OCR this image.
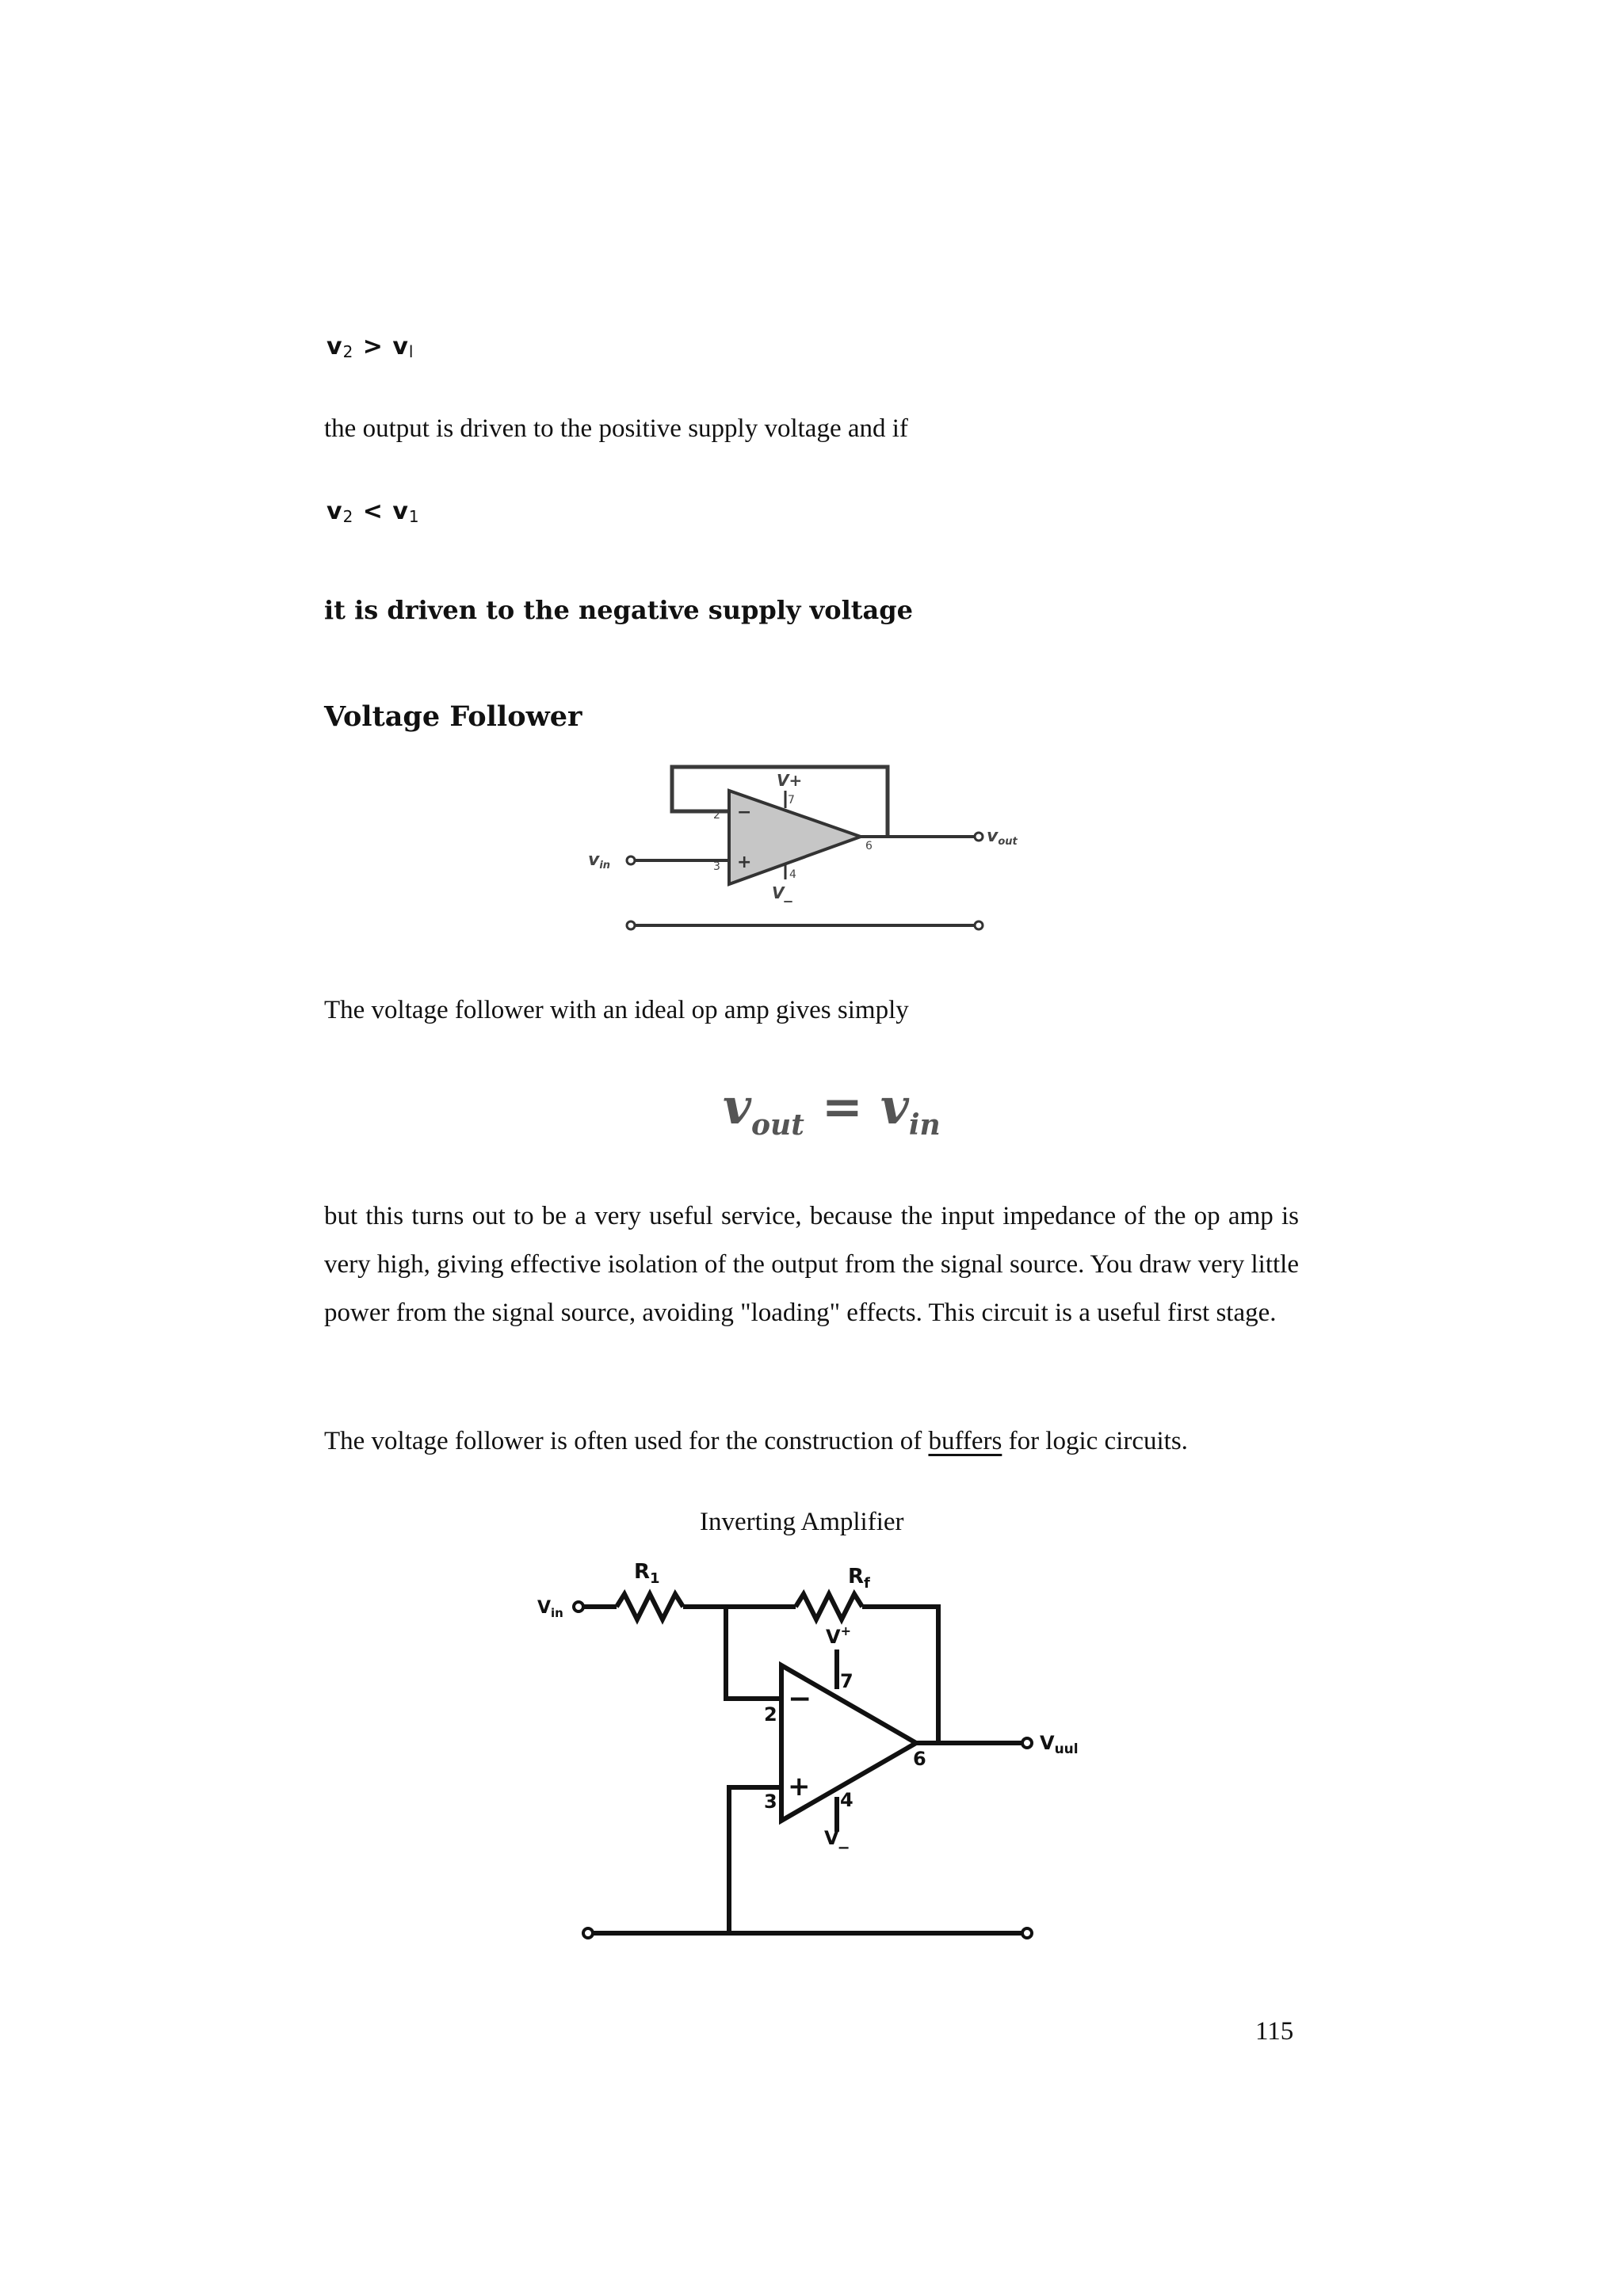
$v_2 > v_l$
the output is driven to the positive supply voltage and if
$v_2 < v_1$
it is driven to the negative supply voltage
Voltage Follower
V+
7
2
3
6
4
−
+
V_
vin
vout
The voltage follower with an ideal op amp gives simply
$v_{out} = v_{in}$
but this turns out to be a very useful service, because the input impedance of the op amp is very high, giving effective isolation of the output from the signal source. You draw very little power from the signal source, avoiding "loading" effects. This circuit is a useful first stage.
The voltage follower is often used for the construction of buffers for logic circuits.
Inverting Amplifier
$R_1$	$R_f$
$V_{in}$
$V_{uul}$
V+
7
2
3
6
4
−
+
V_
115
